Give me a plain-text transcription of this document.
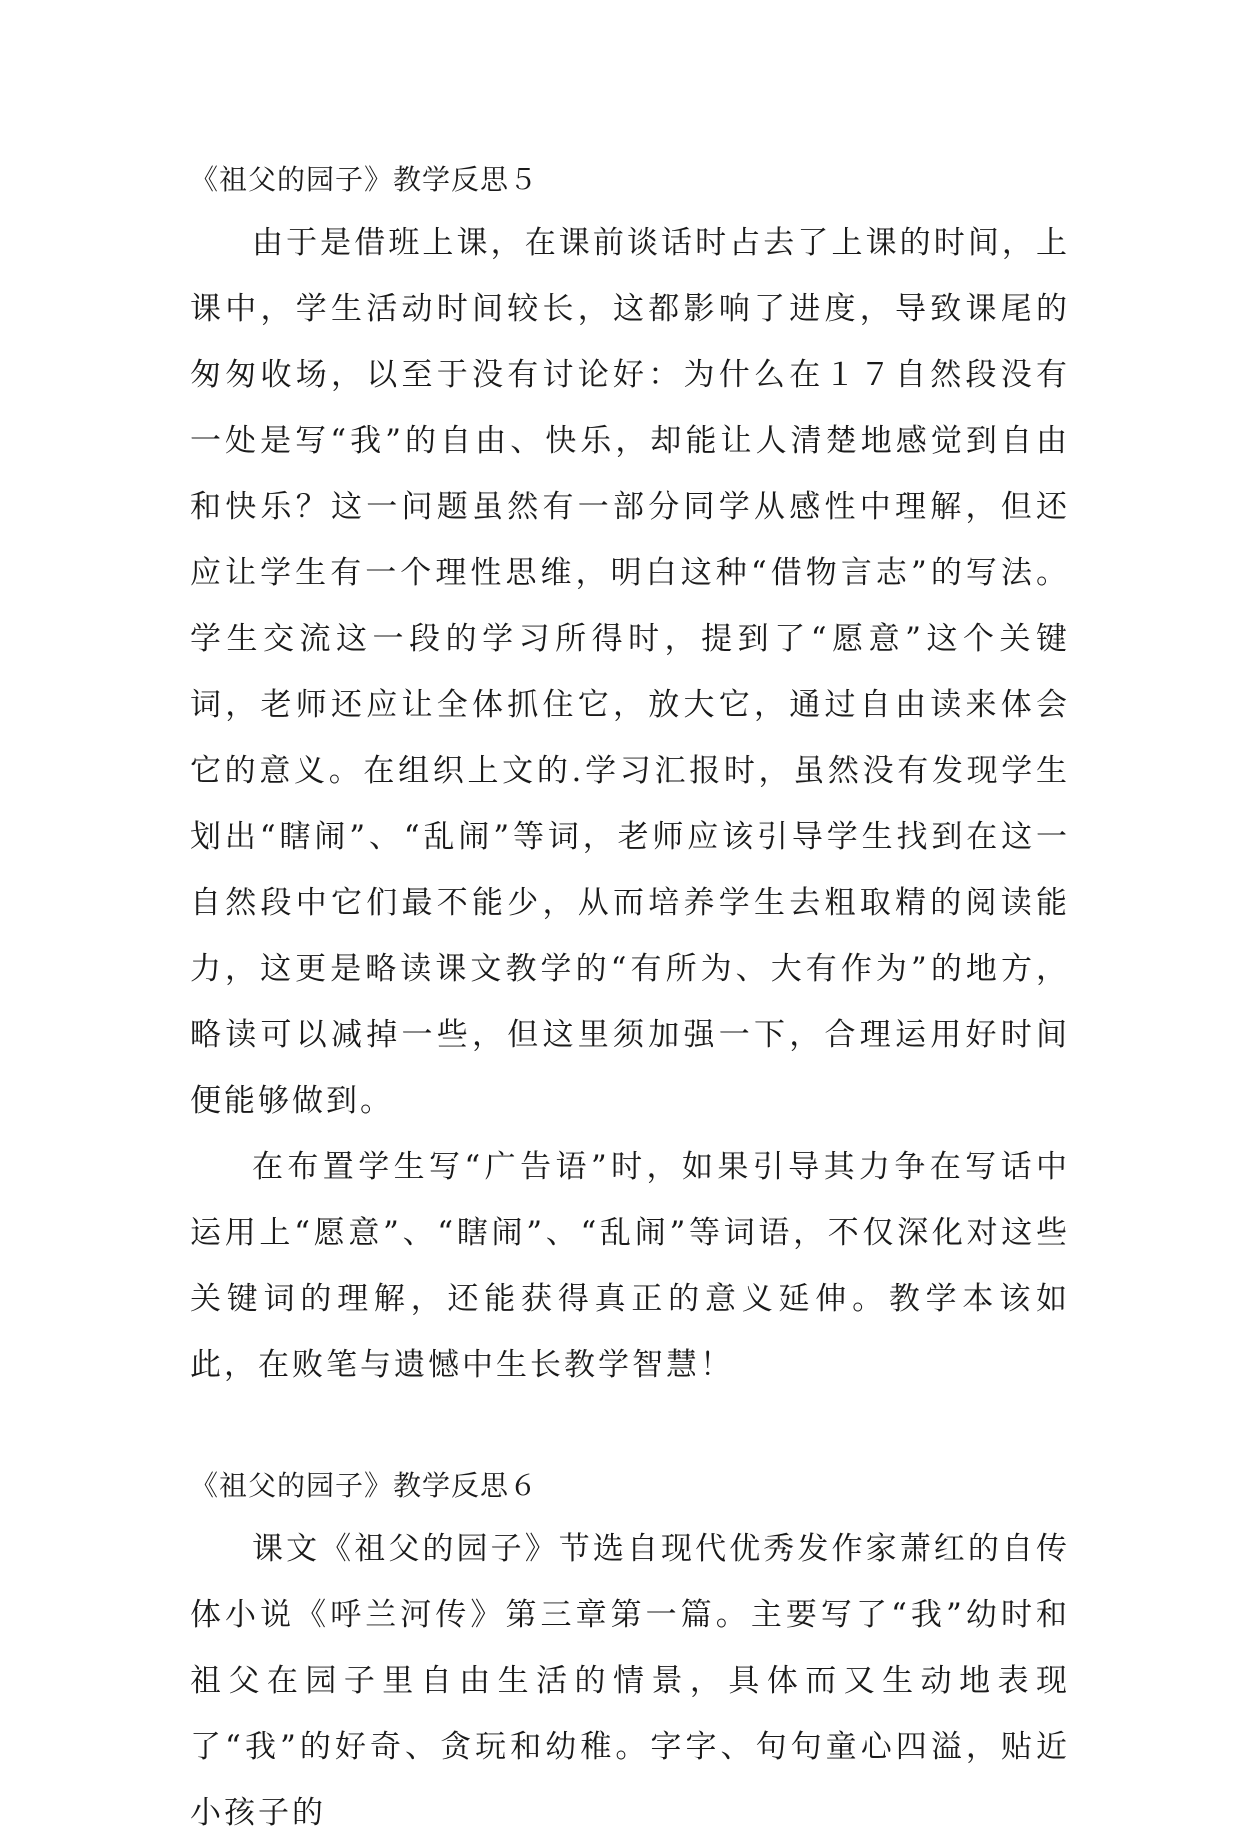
《祖父的园子》教学反思５

由于是借班上课，在课前谈话时占去了上课的时间，上课中，学生活动时间较长，这都影响了进度，导致课尾的匆匆收场，以至于没有讨论好：为什么在１７自然段没有一处是写“我”的自由、快乐，却能让人清楚地感觉到自由和快乐？这一问题虽然有一部分同学从感性中理解，但还应让学生有一个理性思维，明白这种“借物言志”的写法。学生交流这一段的学习所得时，提到了“愿意”这个关键词，老师还应让全体抓住它，放大它，通过自由读来体会它的意义。在组织上文的.学习汇报时，虽然没有发现学生划出“瞎闹”、“乱闹”等词，老师应该引导学生找到在这一自然段中它们最不能少，从而培养学生去粗取精的阅读能力，这更是略读课文教学的“有所为、大有作为”的地方，略读可以减掉一些，但这里须加强一下，合理运用好时间便能够做到。

在布置学生写“广告语”时，如果引导其力争在写话中运用上“愿意”、“瞎闹”、“乱闹”等词语，不仅深化对这些关键词的理解，还能获得真正的意义延伸。教学本该如此，在败笔与遗憾中生长教学智慧！

《祖父的园子》教学反思６

课文《祖父的园子》节选自现代优秀发作家萧红的自传体小说《呼兰河传》第三章第一篇。主要写了“我”幼时和祖父在园子里自由生活的情景，具体而又生动地表现了“我”的好奇、贪玩和幼稚。字字、句句童心四溢，贴近小孩子的
